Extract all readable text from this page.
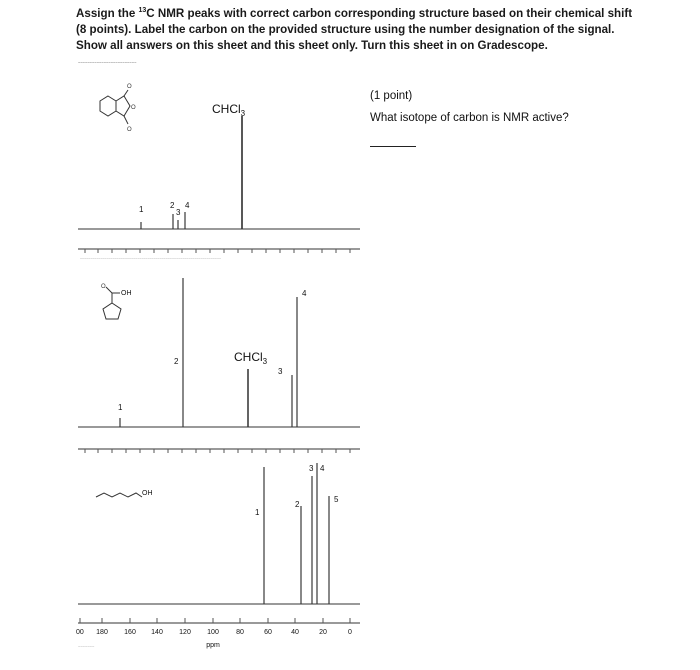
Assign the $^{13}$C NMR peaks with correct carbon corresponding structure based on their chemical shift (8 points). Label the carbon on the provided structure using the number designation of the signal. Show all answers on this sheet and this sheet only. Turn this sheet in on Gradescope.
(1 point)
What isotope of carbon is NMR active?
~~~~~~~~~~~~~~~~~~~~~~~~~
O
O
O
CHCl$_3$
1	2
3
4
~~~~~~~~~~~~~~~~~~~~~~~~~~~~~~~~~~~~~~~~~~~~~~~~~~~~~~~~~~~~~~~~~~~~~
O
OH
CHCl$_3$
1
2
3
4
OH
1
2
3 4
5
00 180 160 140 120 100 80	60	40	20	0
ppm
~~~~~~~
